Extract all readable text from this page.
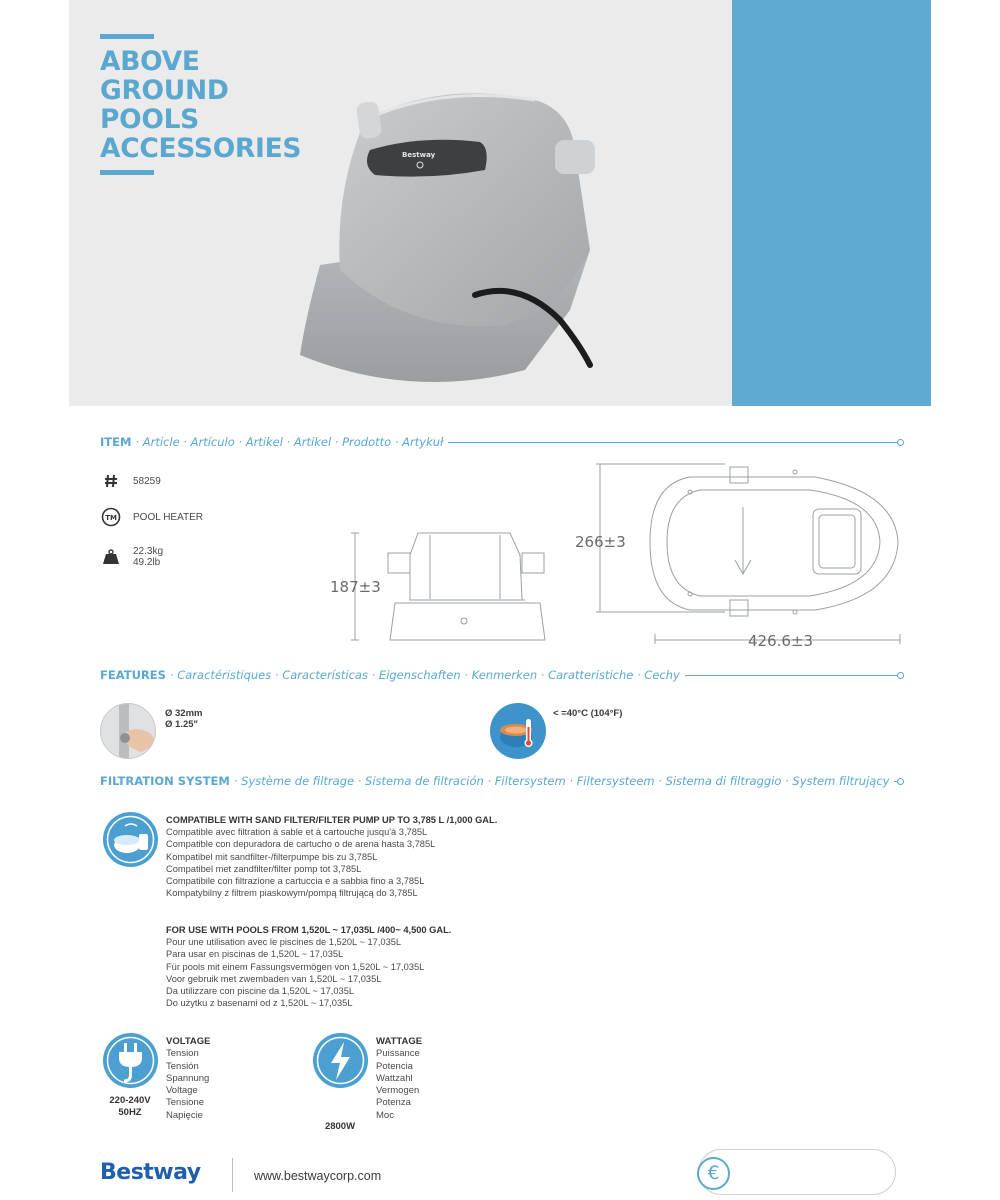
ABOVE
GROUND
POOLS
ACCESSORIES	Bestway
ITEM · Article · Artículo · Artikel · Artikel · Prodotto · Artykuł
58259
TM POOL HEATER
22.3kg
49.2lb
187±3
266±3
426.6±3
FEATURES · Caractéristiques · Características · Eigenschaften · Kenmerken · Caratteristiche · Cechy
Ø 32mm
Ø 1.25"
< =40°C (104°F)
FILTRATION SYSTEM · Système de filtrage · Sistema de filtración · Filtersystem · Filtersysteem · Sistema di filtraggio · System filtrujący
COMPATIBLE WITH SAND FILTER/FILTER PUMP UP TO 3,785 L /1,000 GAL.
Compatible avec filtration à sable et à cartouche jusqu'à 3,785L
Compatible con depuradora de cartucho o de arena hasta 3,785L
Kompatibel mit sandfilter-/filterpumpe bis zu 3,785L
Compatibel met zandfilter/filter pomp tot 3,785L
Compatibile con filtrazione a cartuccia e a sabbia fino a 3,785L
Kompatybilny z filtrem piaskowym/pompą filtrującą do 3,785L
FOR USE WITH POOLS FROM 1,520L ~ 17,035L /400~ 4,500 GAL.
Pour une utilisation avec le piscines de 1,520L ~ 17,035L
Para usar en piscinas de 1,520L ~ 17,035L
Für pools mit einem Fassungsvermögen von 1,520L ~ 17,035L
Voor gebruik met zwembaden van 1,520L ~ 17,035L
Da utilizzare con piscine da 1,520L ~ 17,035L
Do użytku z basenami od z 1,520L ~ 17,035L
220-240V
50HZ
VOLTAGE
Tension
Tensión
Spannung
Voltage
Tensione
Napięcie
2800W
WATTAGE
Puissance
Potencia
Wattzahl
Vermogen
Potenza
Moc
Bestway	www.bestwaycorp.com	€
